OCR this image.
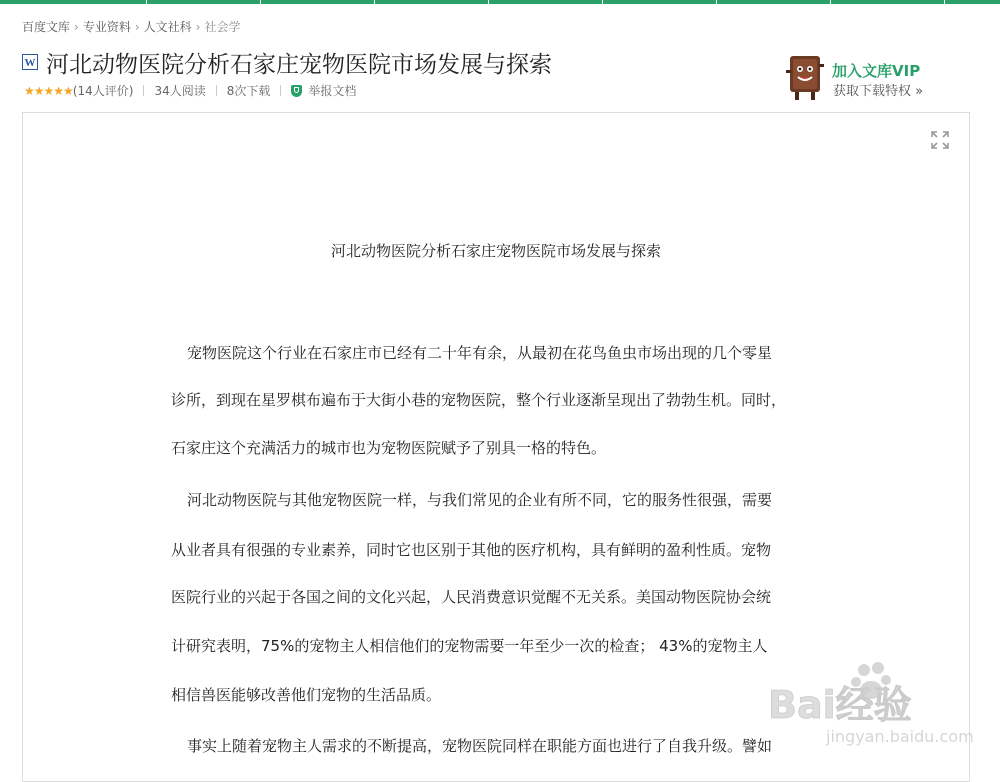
百度文库 › 专业资料 › 人文社科 › 社会学
W 河北动物医院分析石家庄宠物医院市场发展与探索
★★★★★ (14人评价) 34人阅读 8次下载	举报文档
加入文库VIP
获取下载特权 »
河北动物医院分析石家庄宠物医院市场发展与探索
宠物医院这个行业在石家庄市已经有二十年有余，从最初在花鸟鱼虫市场出现的几个零星
诊所，到现在星罗棋布遍布于大街小巷的宠物医院，整个行业逐渐呈现出了勃勃生机。同时，
石家庄这个充满活力的城市也为宠物医院赋予了别具一格的特色。
河北动物医院与其他宠物医院一样，与我们常见的企业有所不同，它的服务性很强，需要
从业者具有很强的专业素养，同时它也区别于其他的医疗机构，具有鲜明的盈利性质。宠物
医院行业的兴起于各国之间的文化兴起，人民消费意识觉醒不无关系。美国动物医院协会统
计研究表明，75%的宠物主人相信他们的宠物需要一年至少一次的检查； 43%的宠物主人
相信兽医能够改善他们宠物的生活品质。
事实上随着宠物主人需求的不断提高，宠物医院同样在职能方面也进行了自我升级。譬如
Bai经验
jingyan.baidu.com
